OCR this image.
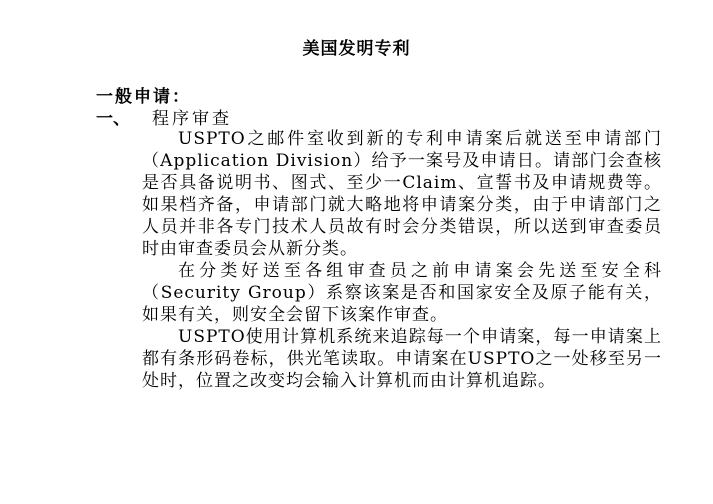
美国发明专利
一般申请：
一、 程序审查

USPTO之邮件室收到新的专利申请案后就送至申请部门（Application Division）给予一案号及申请日。请部门会查核是否具备说明书、图式、至少一Claim、宣誓书及申请规费等。如果档齐备，申请部门就大略地将申请案分类，由于申请部门之人员并非各专门技术人员故有时会分类错误，所以送到审查委员时由审查委员会从新分类。

在分类好送至各组审查员之前申请案会先送至安全科（Security Group）系察该案是否和国家安全及原子能有关，如果有关，则安全会留下该案作审查。

USPTO使用计算机系统来追踪每一个申请案，每一申请案上都有条形码卷标，供光笔读取。申请案在USPTO之一处移至另一处时，位置之改变均会输入计算机而由计算机追踪。
